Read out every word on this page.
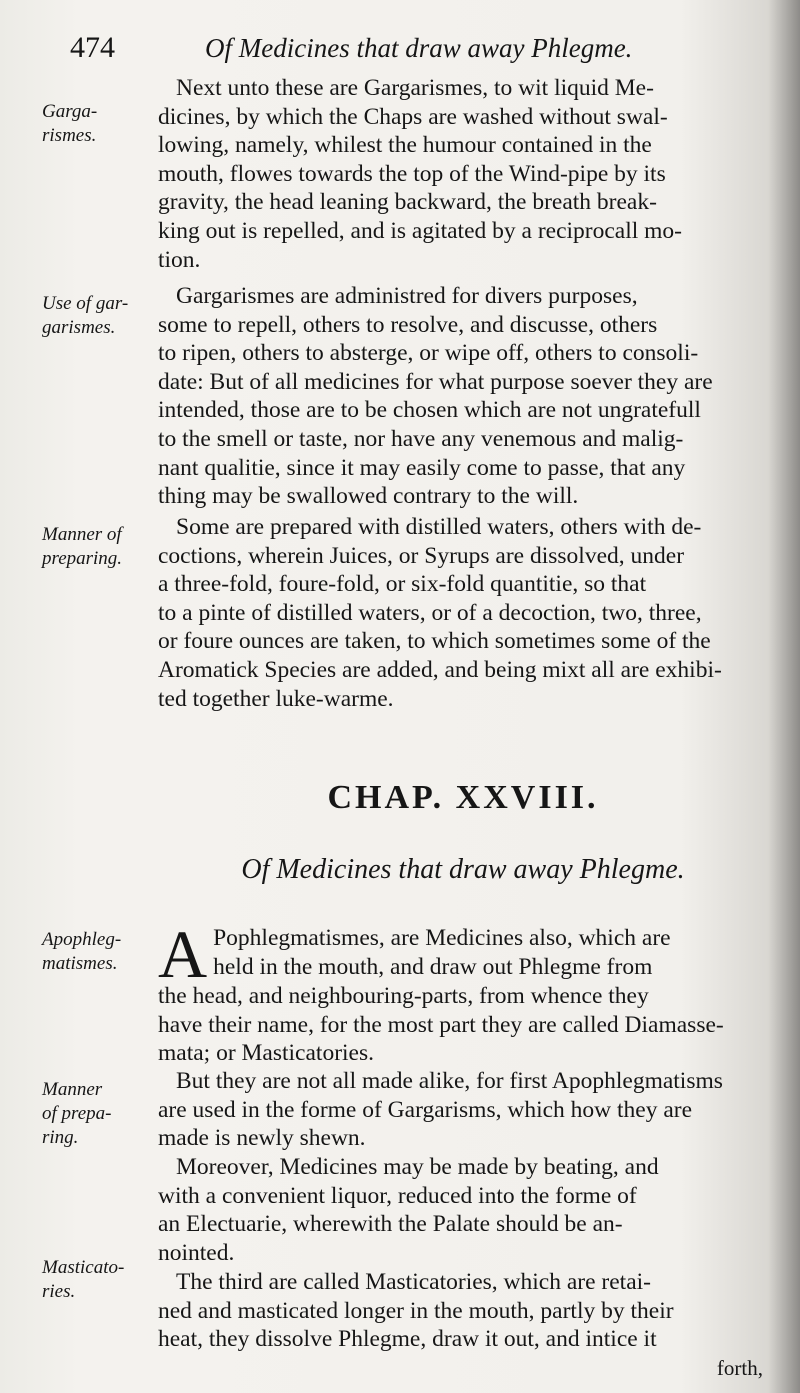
474	Of Medicines that draw away Phlegme.
Next unto these are Gargarismes, to wit liquid Me-
dicines, by which the Chaps are washed without swal-
lowing, namely, whilest the humour contained in the
mouth, flowes towards the top of the Wind-pipe by its
gravity, the head leaning backward, the breath break-
king out is repelled, and is agitated by a reciprocall mo-
tion.
Garga-
rismes.
Gargarismes are administred for divers purposes,
some to repell, others to resolve, and discusse, others
to ripen, others to absterge, or wipe off, others to consoli-
date: But of all medicines for what purpose soever they are
intended, those are to be chosen which are not ungratefull
to the smell or taste, nor have any venemous and malig-
nant qualitie, since it may easily come to passe, that any
thing may be swallowed contrary to the will.
Use of gar-
garismes.
Some are prepared with distilled waters, others with de-
coctions, wherein Juices, or Syrups are dissolved, under
a three-fold, foure-fold, or six-fold quantitie, so that
to a pinte of distilled waters, or of a decoction, two, three,
or foure ounces are taken, to which sometimes some of the
Aromatick Species are added, and being mixt all are exhibi-
ted together luke-warme.
Manner of
preparing.
CHAP. XXVIII.
Of Medicines that draw away Phlegme.
A Pophlegmatismes, are Medicines also, which are
held in the mouth, and draw out Phlegme from
the head, and neighbouring-parts, from whence they
have their name, for the most part they are called Diamasse-
mata; or Masticatories.
Apophleg-
matismes.
But they are not all made alike, for first Apophlegmatisms
are used in the forme of Gargarisms, which how they are
made is newly shewn.
Manner
of prepa-
ring.
Moreover, Medicines may be made by beating, and
with a convenient liquor, reduced into the forme of
an Electuarie, wherewith the Palate should be an-
nointed.
The third are called Masticatories, which are retai-
ned and masticated longer in the mouth, partly by their
heat, they dissolve Phlegme, draw it out, and intice it
forth,
Masticato-
ries.
